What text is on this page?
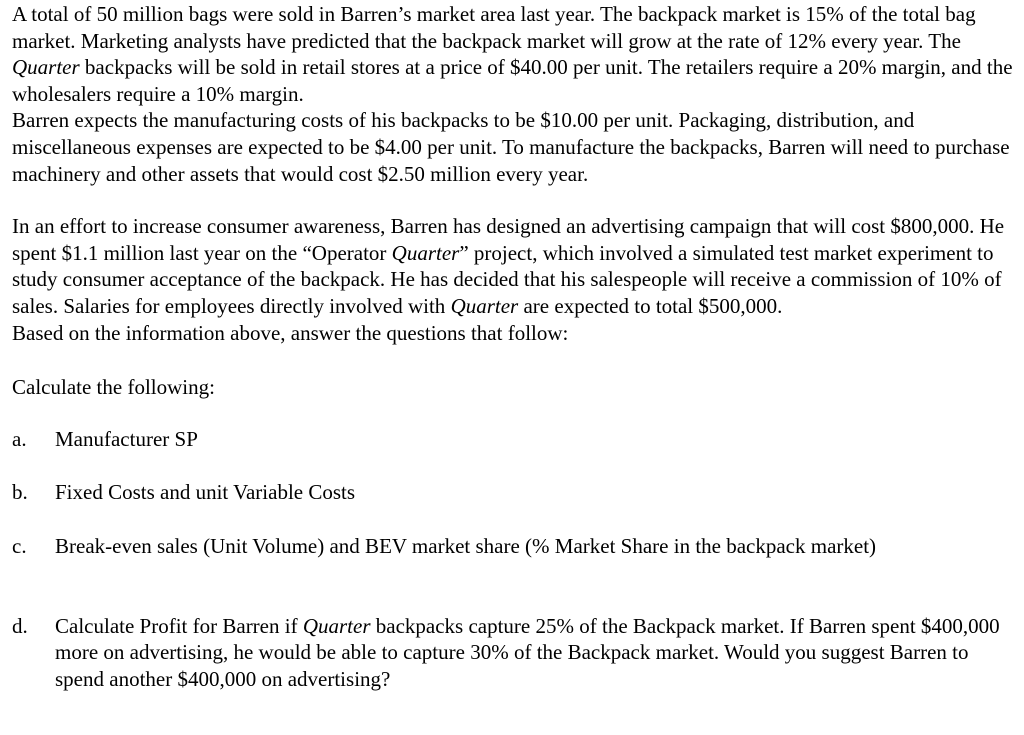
A total of 50 million bags were sold in Barren’s market area last year. The backpack market is 15% of the total bag market. Marketing analysts have predicted that the backpack market will grow at the rate of 12% every year. The Quarter backpacks will be sold in retail stores at a price of $40.00 per unit. The retailers require a 20% margin, and the wholesalers require a 10% margin.

Barren expects the manufacturing costs of his backpacks to be $10.00 per unit. Packaging, distribution, and miscellaneous expenses are expected to be $4.00 per unit. To manufacture the backpacks, Barren will need to purchase machinery and other assets that would cost $2.50 million every year.

In an effort to increase consumer awareness, Barren has designed an advertising campaign that will cost $800,000. He spent $1.1 million last year on the “Operator Quarter” project, which involved a simulated test market experiment to study consumer acceptance of the backpack. He has decided that his salespeople will receive a commission of 10% of sales. Salaries for employees directly involved with Quarter are expected to total $500,000.

Based on the information above, answer the questions that follow:

Calculate the following:

a. Manufacturer SP
b. Fixed Costs and unit Variable Costs
c. Break-even sales (Unit Volume) and BEV market share (% Market Share in the backpack market)
d. Calculate Profit for Barren if Quarter backpacks capture 25% of the Backpack market. If Barren spent $400,000 more on advertising, he would be able to capture 30% of the Backpack market. Would you suggest Barren to spend another $400,000 on advertising?
